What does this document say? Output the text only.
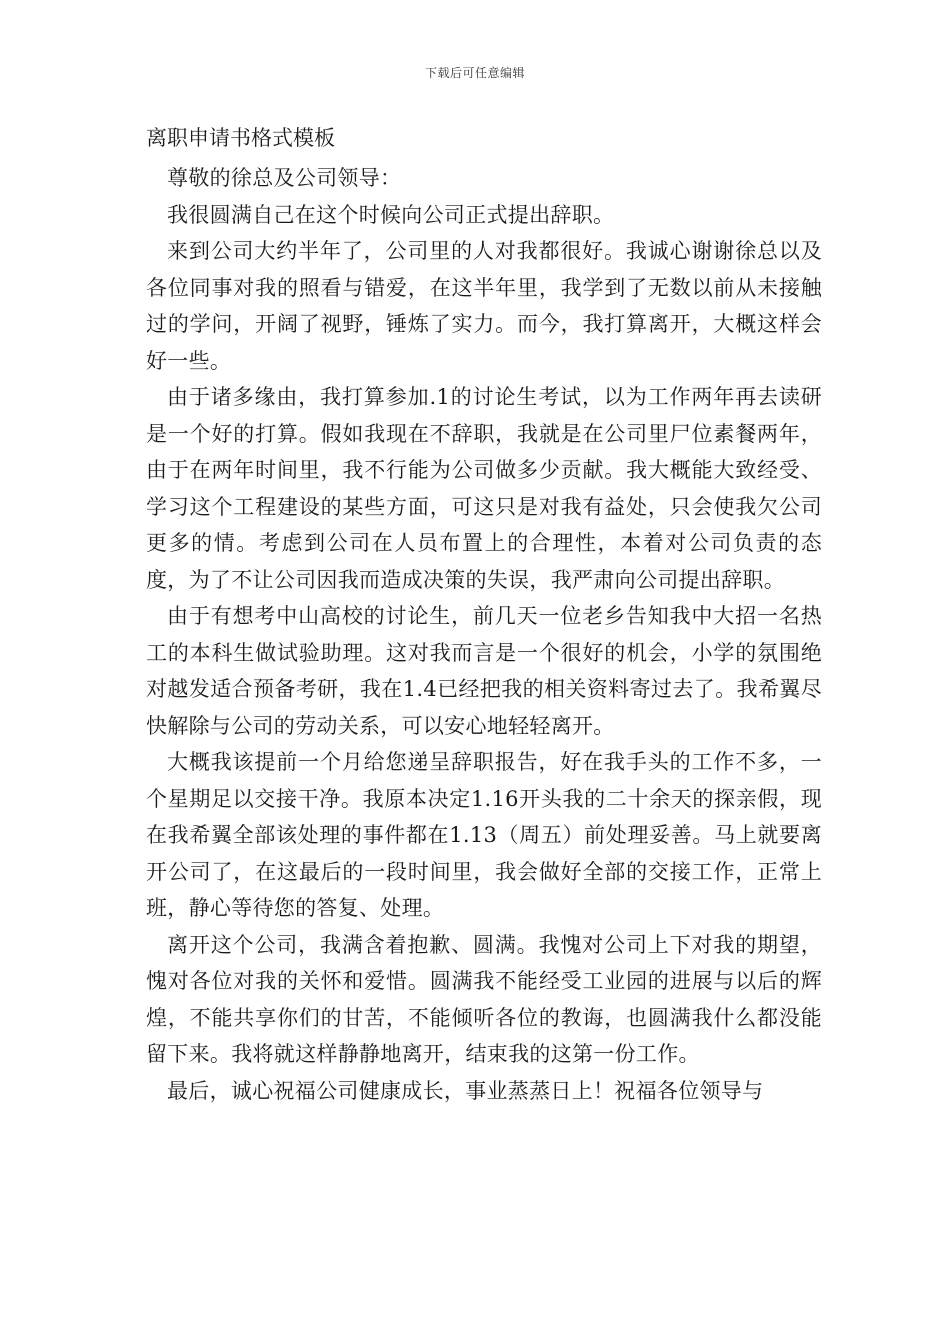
下载后可任意编辑
离职申请书格式模板

尊敬的徐总及公司领导：

我很圆满自己在这个时候向公司正式提出辞职。

来到公司大约半年了，公司里的人对我都很好。我诚心谢谢徐总以及各位同事对我的照看与错爱，在这半年里，我学到了无数以前从未接触过的学问，开阔了视野，锤炼了实力。而今，我打算离开，大概这样会好一些。

由于诸多缘由，我打算参加.1的讨论生考试，以为工作两年再去读研是一个好的打算。假如我现在不辞职，我就是在公司里尸位素餐两年，由于在两年时间里，我不行能为公司做多少贡献。我大概能大致经受、学习这个工程建设的某些方面，可这只是对我有益处，只会使我欠公司更多的情。考虑到公司在人员布置上的合理性，本着对公司负责的态度，为了不让公司因我而造成决策的失误，我严肃向公司提出辞职。

由于有想考中山高校的讨论生，前几天一位老乡告知我中大招一名热工的本科生做试验助理。这对我而言是一个很好的机会，小学的氛围绝对越发适合预备考研，我在1.4已经把我的相关资料寄过去了。我希翼尽快解除与公司的劳动关系，可以安心地轻轻离开。

大概我该提前一个月给您递呈辞职报告，好在我手头的工作不多，一个星期足以交接干净。我原本决定1.16开头我的二十余天的探亲假，现在我希翼全部该处理的事件都在1.13（周五）前处理妥善。马上就要离开公司了，在这最后的一段时间里，我会做好全部的交接工作，正常上班，静心等待您的答复、处理。

离开这个公司，我满含着抱歉、圆满。我愧对公司上下对我的期望，愧对各位对我的关怀和爱惜。圆满我不能经受工业园的进展与以后的辉煌，不能共享你们的甘苦，不能倾听各位的教诲，也圆满我什么都没能留下来。我将就这样静静地离开，结束我的这第一份工作。

最后，诚心祝福公司健康成长，事业蒸蒸日上！祝福各位领导与
